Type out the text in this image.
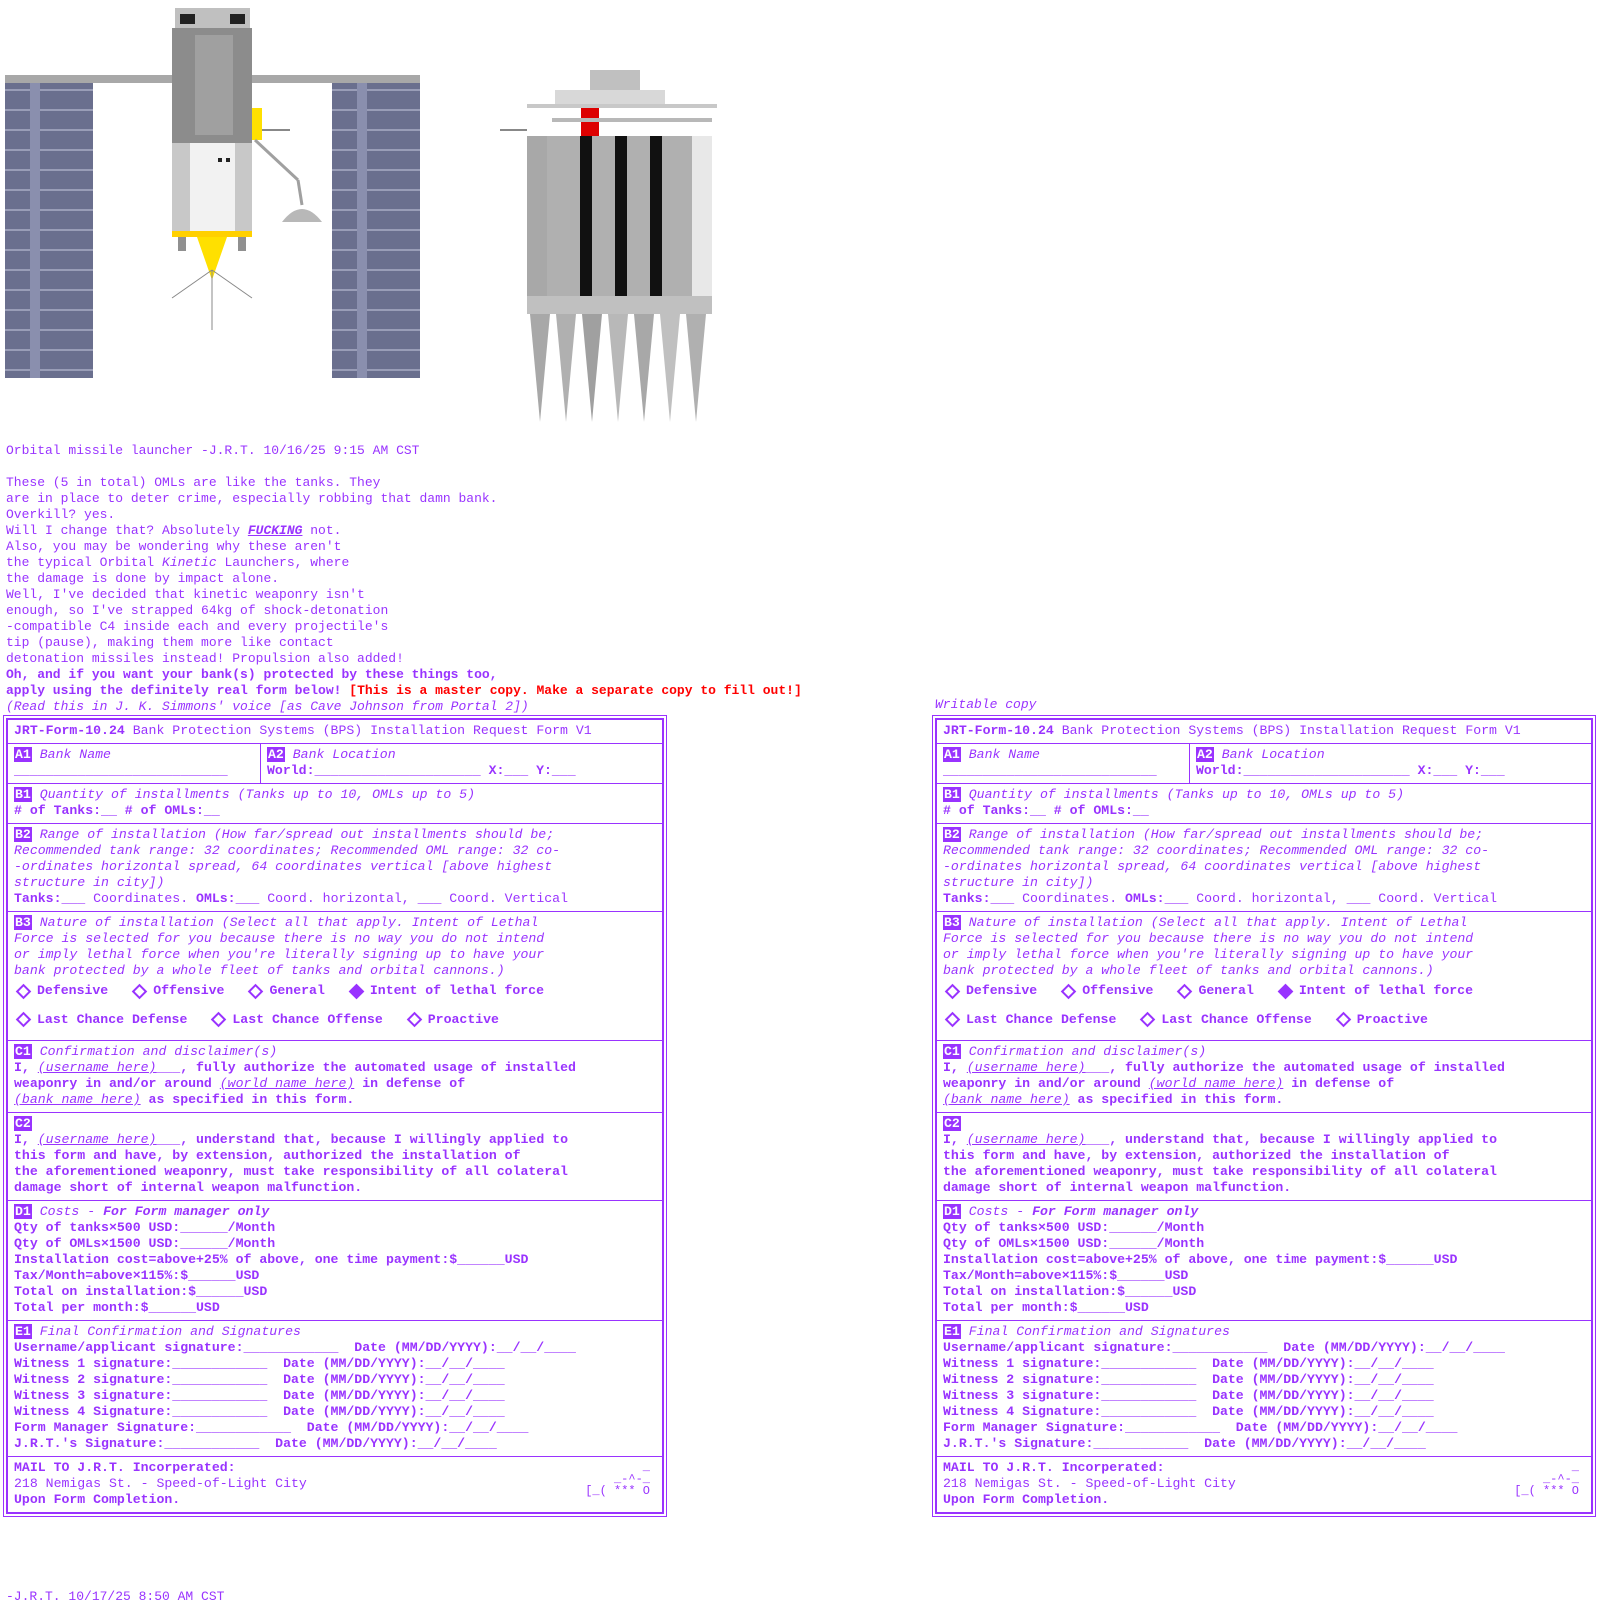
Orbital missile launcher -J.R.T. 10/16/25 9:15 AM CST
These (5 in total) OMLs are like the tanks. They
are in place to deter crime, especially robbing that damn bank.
Overkill? yes.
Will I change that? Absolutely FUCKING not.
Also, you may be wondering why these aren't
the typical Orbital Kinetic Launchers, where
the damage is done by impact alone.
Well, I've decided that kinetic weaponry isn't
enough, so I've strapped 64kg of shock-detonation
-compatible C4 inside each and every projectile's
tip (pause), making them more like contact
detonation missiles instead! Propulsion also added!
Oh, and if you want your bank(s) protected by these things too,
apply using the definitely real form below! [This is a master copy. Make a separate copy to fill out!]
(Read this in J. K. Simmons' voice [as Cave Johnson from Portal 2])	Writable copy
JRT-Form-10.24 Bank Protection Systems (BPS) Installation Request Form V1
A1 Bank Name
___________________________
A2 Bank Location
World:_____________________ X:___ Y:___
B1 Quantity of installments (Tanks up to 10, OMLs up to 5)
# of Tanks:__ # of OMLs:__
B2 Range of installation (How far/spread out installments should be;
Recommended tank range: 32 coordinates; Recommended OML range: 32 co-
-ordinates horizontal spread, 64 coordinates vertical [above highest
structure in city])
Tanks:___ Coordinates. OMLs:___ Coord. horizontal, ___ Coord. Vertical
B3 Nature of installation (Select all that apply. Intent of Lethal
Force is selected for you because there is no way you do not intend
or imply lethal force when you're literally signing up to have your
bank protected by a whole fleet of tanks and orbital cannons.)

Defensive	Offensive	General	Intent of lethal force
Last Chance Defense	Last Chance Offense	Proactive
C1 Confirmation and disclaimer(s)
I, (username here)___, fully authorize the automated usage of installed
weaponry in and/or around (world name here) in defense of
(bank name here) as specified in this form.
C2
I, (username here)___, understand that, because I willingly applied to
this form and have, by extension, authorized the installation of
the aforementioned weaponry, must take responsibility of all colateral
damage short of internal weapon malfunction.
D1 Costs - For Form manager only
Qty of tanks×500 USD:______/Month
Qty of OMLs×1500 USD:______/Month
Installation cost=above+25% of above, one time payment:$______USD
Tax/Month=above×115%:$______USD
Total on installation:$______USD
Total per month:$______USD
E1 Final Confirmation and Signatures
Username/applicant signature:____________  Date (MM/DD/YYYY):__/__/____
Witness 1 signature:____________  Date (MM/DD/YYYY):__/__/____
Witness 2 signature:____________  Date (MM/DD/YYYY):__/__/____
Witness 3 signature:____________  Date (MM/DD/YYYY):__/__/____
Witness 4 Signature:____________  Date (MM/DD/YYYY):__/__/____
Form Manager Signature:____________  Date (MM/DD/YYYY):__/__/____
J.R.T.'s Signature:____________  Date (MM/DD/YYYY):__/__/____
MAIL TO J.R.T. Incorperated:
218 Nemigas St. - Speed-of-Light City
Upon Form Completion.
_
_-^-_
[_( *** O
JRT-Form-10.24 Bank Protection Systems (BPS) Installation Request Form V1
A1 Bank Name
___________________________
A2 Bank Location
World:_____________________ X:___ Y:___
B1 Quantity of installments (Tanks up to 10, OMLs up to 5)
# of Tanks:__ # of OMLs:__
B2 Range of installation (How far/spread out installments should be;
Recommended tank range: 32 coordinates; Recommended OML range: 32 co-
-ordinates horizontal spread, 64 coordinates vertical [above highest
structure in city])
Tanks:___ Coordinates. OMLs:___ Coord. horizontal, ___ Coord. Vertical
B3 Nature of installation (Select all that apply. Intent of Lethal
Force is selected for you because there is no way you do not intend
or imply lethal force when you're literally signing up to have your
bank protected by a whole fleet of tanks and orbital cannons.)

Defensive	Offensive	General	Intent of lethal force
Last Chance Defense	Last Chance Offense	Proactive
C1 Confirmation and disclaimer(s)
I, (username here)___, fully authorize the automated usage of installed
weaponry in and/or around (world name here) in defense of
(bank name here) as specified in this form.
C2
I, (username here)___, understand that, because I willingly applied to
this form and have, by extension, authorized the installation of
the aforementioned weaponry, must take responsibility of all colateral
damage short of internal weapon malfunction.
D1 Costs - For Form manager only
Qty of tanks×500 USD:______/Month
Qty of OMLs×1500 USD:______/Month
Installation cost=above+25% of above, one time payment:$______USD
Tax/Month=above×115%:$______USD
Total on installation:$______USD
Total per month:$______USD
E1 Final Confirmation and Signatures
Username/applicant signature:____________  Date (MM/DD/YYYY):__/__/____
Witness 1 signature:____________  Date (MM/DD/YYYY):__/__/____
Witness 2 signature:____________  Date (MM/DD/YYYY):__/__/____
Witness 3 signature:____________  Date (MM/DD/YYYY):__/__/____
Witness 4 Signature:____________  Date (MM/DD/YYYY):__/__/____
Form Manager Signature:____________  Date (MM/DD/YYYY):__/__/____
J.R.T.'s Signature:____________  Date (MM/DD/YYYY):__/__/____
MAIL TO J.R.T. Incorperated:
218 Nemigas St. - Speed-of-Light City
Upon Form Completion.
_
_-^-_
[_( *** O
-J.R.T. 10/17/25 8:50 AM CST
